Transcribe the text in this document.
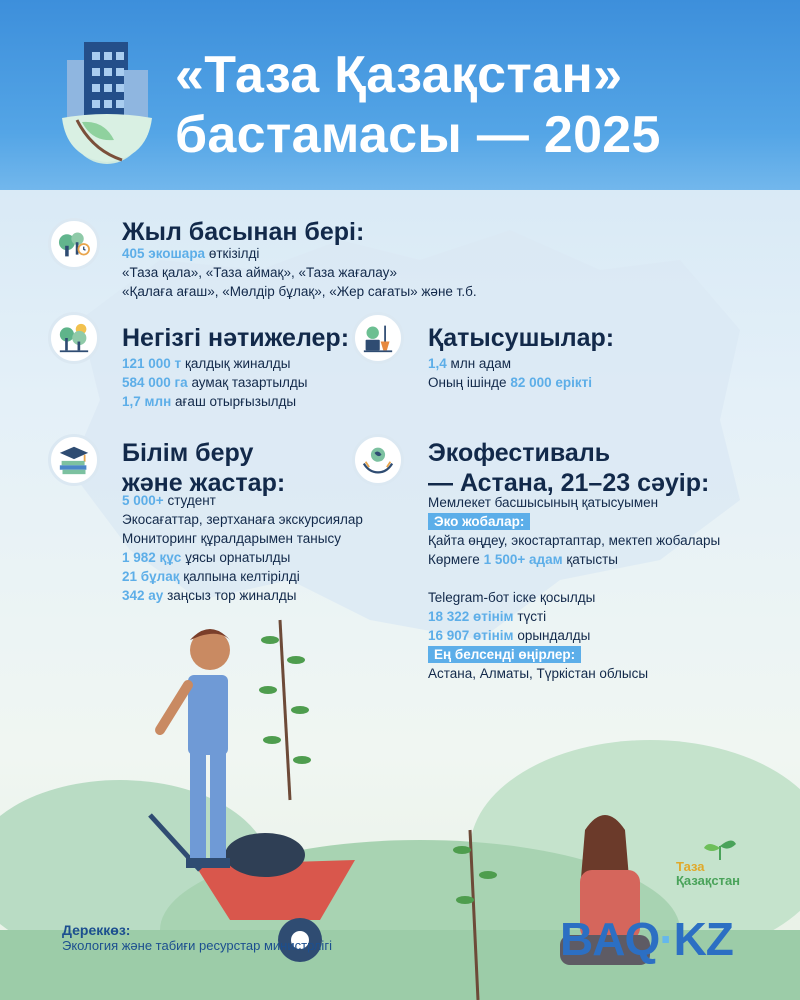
«Таза Қазақстан»
бастамасы — 2025
Жыл басынан бері:
405 экошара өткізілді
«Таза қала», «Таза аймақ», «Таза жағалау»
«Қалаға ағаш», «Мөлдір бұлақ», «Жер сағаты» және т.б.
Негізгі нәтижелер:
121 000 т қалдық жиналды
584 000 га аумақ тазартылды
1,7 млн ағаш отырғызылды
Қатысушылар:
1,4 млн адам
Оның ішінде 82 000 ерікті
Білім беру
және жастар:
5 000+ студент
Экосағаттар, зертханаға экскурсиялар
Мониторинг құралдарымен танысу
1 982 құс ұясы орнатылды
21 бұлақ қалпына келтірілді
342 ау заңсыз тор жиналды
Экофестиваль
— Астана, 21–23 сәуір:
Мемлекет басшысының қатысуымен
Эко жобалар:
Қайта өңдеу, экостартаптар, мектеп жобалары
Көрмеге 1 500+ адам қатысты
Telegram-бот іске қосылды
18 322 өтінім түсті
16 907 өтінім орындалды
Ең белсенді өңірлер:
Астана, Алматы, Түркістан облысы
Таза
Қазақстан
Дереккөз:
Экология және табиғи ресурстар министрлігі	BAQ·KZ
